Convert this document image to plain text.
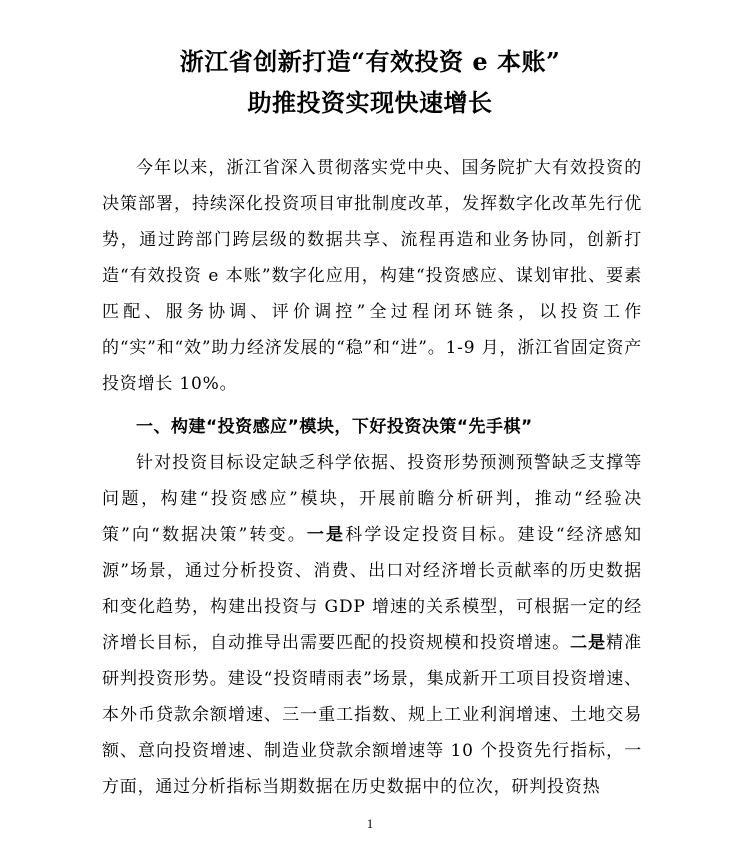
浙江省创新打造“有效投资 e 本账”
助推投资实现快速增长

今年以来，浙江省深入贯彻落实党中央、国务院扩大有效投资的决策部署，持续深化投资项目审批制度改革，发挥数字化改革先行优势，通过跨部门跨层级的数据共享、流程再造和业务协同，创新打造“有效投资 e 本账”数字化应用，构建“投资感应、谋划审批、要素匹配、服务协调、评价调控”全过程闭环链条，以投资工作的“实”和“效”助力经济发展的“稳”和“进”。1-9 月，浙江省固定资产投资增长 10%。

一、构建“投资感应”模块，下好投资决策“先手棋”

针对投资目标设定缺乏科学依据、投资形势预测预警缺乏支撑等问题，构建“投资感应”模块，开展前瞻分析研判，推动“经验决策”向“数据决策”转变。一是科学设定投资目标。建设“经济感知源”场景，通过分析投资、消费、出口对经济增长贡献率的历史数据和变化趋势，构建出投资与 GDP 增速的关系模型，可根据一定的经济增长目标，自动推导出需要匹配的投资规模和投资增速。二是精准研判投资形势。建设“投资晴雨表”场景，集成新开工项目投资增速、本外币贷款余额增速、三一重工指数、规上工业利润增速、土地交易额、意向投资增速、制造业贷款余额增速等 10 个投资先行指标，一方面，通过分析指标当期数据在历史数据中的位次，研判投资热

1
